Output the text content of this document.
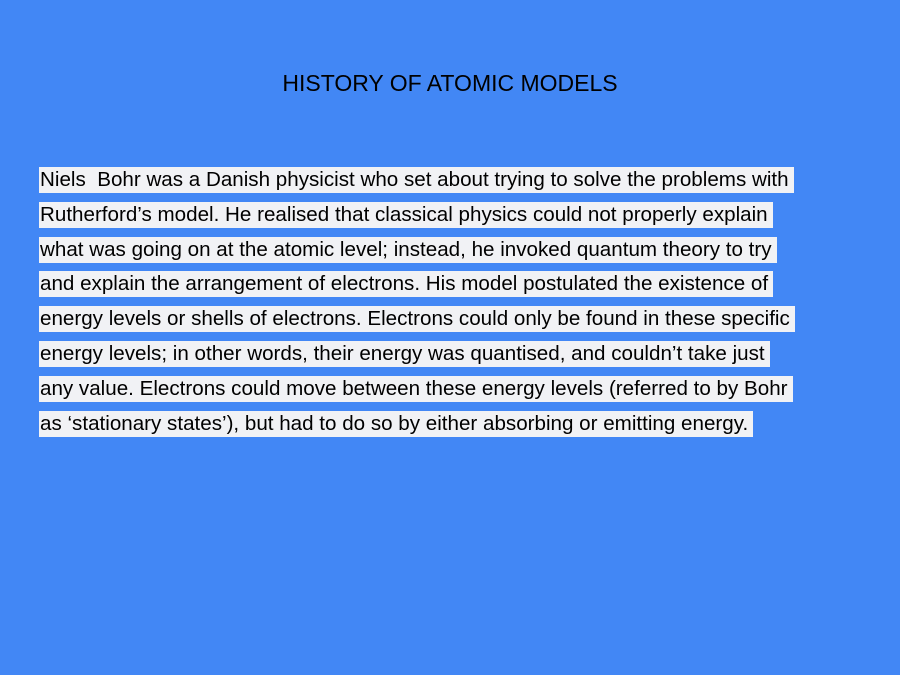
HISTORY OF ATOMIC MODELS
Niels  Bohr was a Danish physicist who set about trying to solve the problems with
Rutherford’s model. He realised that classical physics could not properly explain
what was going on at the atomic level; instead, he invoked quantum theory to try
and explain the arrangement of electrons. His model postulated the existence of
energy levels or shells of electrons. Electrons could only be found in these specific
energy levels; in other words, their energy was quantised, and couldn’t take just
any value. Electrons could move between these energy levels (referred to by Bohr
as ‘stationary states’), but had to do so by either absorbing or emitting energy.
